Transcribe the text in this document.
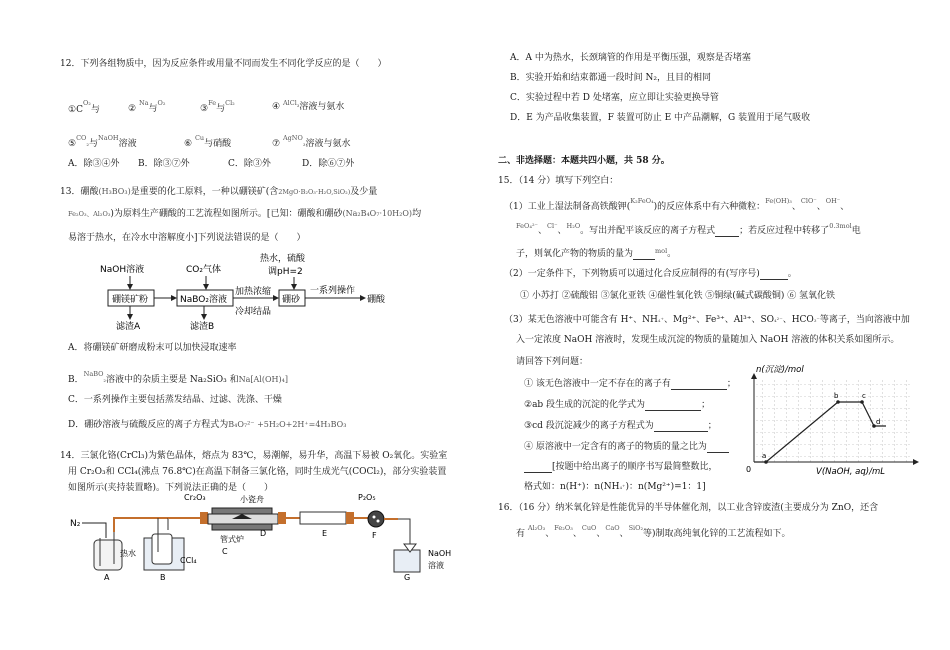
12．下列各组物质中，因为反应条件或用量不同而发生不同化学反应的是（　　）
$①C^{O_2}$与	② $^{Na}$与$^{O_2}$
③$^{Fe}$与$^{Cl_2}$	④ $^{AlCl_3}$溶液与氨水
⑤$^{CO}$₂与$^{NaOH}$溶液	⑥ $^{Cu}$与硝酸	⑦ $^{AgNO}$₃溶液与氨水
A．除③④外 B．除③⑦外	C．除③外	D．除⑥⑦外
13．硼酸(H₃BO₃)是重要的化工原料，一种以硼镁矿(含2MgO·B₂O₃·H₂O,SiO₂)及少量
Fe₂O₃、Al₂O₃)为原料生产硼酸的工艺流程如图所示。[已知：硼酸和硼砂(Na₂B₄O₇·10H₂O)均
易溶于热水，在冷水中溶解度小]下列说法错误的是（　　）
NaOH溶液	CO₂气体
热水，硫酸
调pH=2
硼镁矿粉	NaBO₂溶液
加热浓缩
冷却结晶
硼砂
一系列操作
硼酸
滤渣A	滤渣B
A．将硼镁矿研磨成粉末可以加快浸取速率
B．$^{NaBO}$₂溶液中的杂质主要是 Na₂SiO₃ 和Na[Al(OH)₄]
C．一系列操作主要包括蒸发结晶、过滤、洗涤、干燥
D．硼砂溶液与硫酸反应的离子方程式为B₄O₇²⁻ +5H₂O+2H⁺=4H₃BO₃
14．三氯化铬(CrCl₃)为紫色晶体，熔点为 83℃，易潮解，易升华，高温下易被 O₂氧化。实验室
用 Cr₂O₃和 CCl₄(沸点 76.8℃)在高温下制备三氯化铬，同时生成光气(COCl₂)，部分实验装置
如图所示(夹持装置略)。下列说法正确的是（　　）
N₂
热水
CCl₄
Cr₂O₃	小瓷舟
管式炉
P₂O₅
NaOH
溶液
A	B
C
D	E	F
G
A．A 中为热水，长颈璃管的作用是平衡压强，观察是否堵塞
B．实验开始和结束都通一段时间 N₂，且目的相同
C．实验过程中若 D 处堵塞，应立即让实验更换导管
D．E 为产品收集装置，F 装置可防止 E 中产品潮解，G 装置用于尾气吸收
二、非选择题：本题共四小题，共 58 分。
15．（14 分）填写下列空白：
（1）工业上湿法制备高铁酸钾($^{K_2FeO_4}$)的反应体系中有六种微粒：$^{Fe(OH)_3}$、$^{ClO^-}$、$^{OH^-}$、
$^{FeO_4^{2-}}$、$^{Cl^-}$、$^{H_2O}$。写出并配平该反应的离子方程式	；若反应过程中转移了$^{0.3mol}$电
子，则氧化产物的物质的量为	$^{mol}$。
（2）一定条件下，下列物质可以通过化合反应制得的有(写序号)	。
① 小苏打 ②硫酸铝 ③氯化亚铁 ④磁性氧化铁 ⑤铜绿(碱式碳酸铜) ⑥ 氢氧化铁
（3）某无色溶液中可能含有 H⁺、NH₄⁺、Mg²⁺、Fe³⁺、Al³⁺、SO₄²⁻、HCO₃⁻等离子，当向溶液中加
入一定浓度 NaOH 溶液时，发现生成沉淀的物质的量随加入 NaOH 溶液的体积关系如图所示。
请回答下列问题：
① 该无色溶液中一定不存在的离子有	；
②ab 段生成的沉淀的化学式为	；
③cd 段沉淀减少的离子方程式为	；
④ 原溶液中一定含有的离子的物质的量之比为
[按题中给出离子的顺序书写最简整数比，
格式如：n(H⁺)：n(NH₄⁺)：n(Mg²⁺)=1：1]
n(沉淀)/mol
0
a
b	c
d
V(NaOH, aq)/mL
16．（16 分）纳米氧化锌是性能优异的半导体催化剂，以工业含锌废渣(主要成分为 ZnO，还含
有 $^{Al_2O_3}$、$^{Fe_2O_3}$、$^{CuO}$、$^{CaO}$、$^{SiO_2}$等)制取高纯氧化锌的工艺流程如下。
